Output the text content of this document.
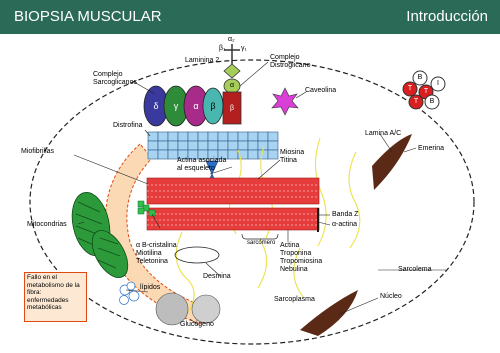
BIOPSIA MUSCULAR	Introducción
B
T T
I
B
T
α₂
β₁ γ₁
Laminina 2
α
β
Complejo
Distroglicano
Complejo
Sarcoglicanos
δ	γ	α β
Caveolina
Distrofina
Miofibrillas
Actina asociada
al esqueleto
Miosina
Titina
Lamina A/C
Emerina
Mitocondrias
Banda Z
α-actina
sarcómero
α B-cristalina
Miotilina
Teletonina
Actina
Troponina
Tropomiosina
Nebulina
Desmina
Sarcolema
lípidos
Sarcoplasma	Núcleo
Glucógeno
Fallo en el metabolismo de la fibra: enfermedades metabólicas
